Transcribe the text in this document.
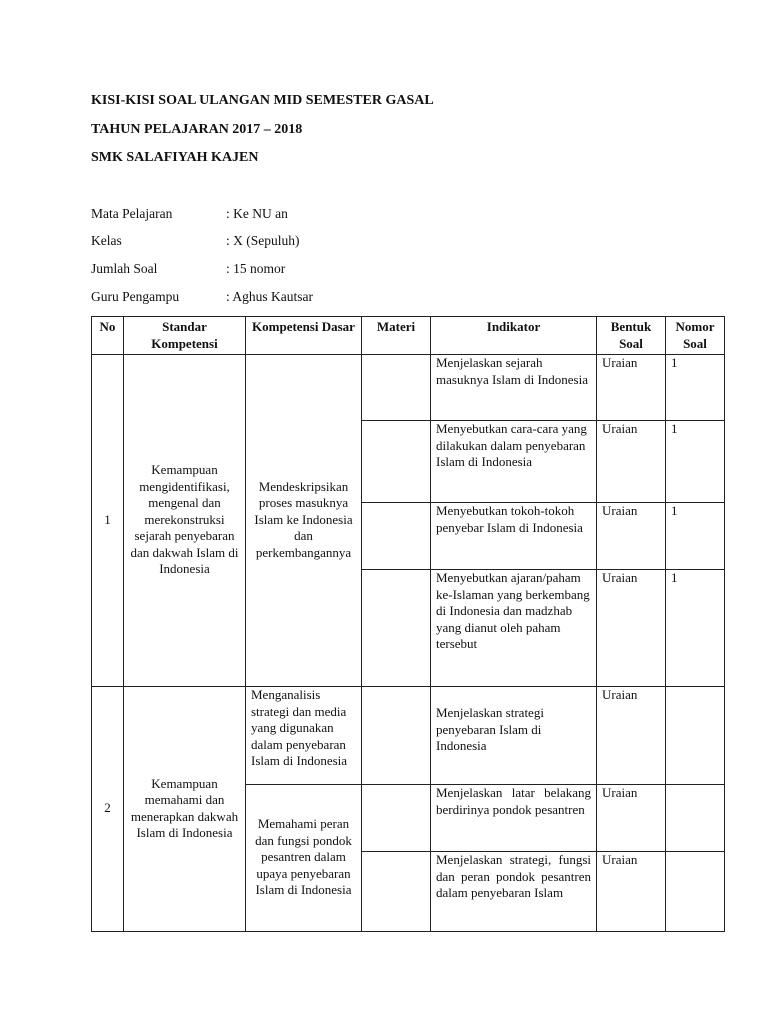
KISI-KISI SOAL ULANGAN MID SEMESTER GASAL
TAHUN PELAJARAN 2017 – 2018
SMK SALAFIYAH KAJEN
Mata Pelajaran	: Ke NU an
Kelas	: X (Sepuluh)
Jumlah Soal	: 15 nomor
Guru Pengampu	: Aghus Kautsar
No	Standar Kompetensi	Kompetensi Dasar	Materi	Indikator	Bentuk Soal	Nomor Soal
1	Kemampuan mengidentifikasi, mengenal dan merekonstruksi sejarah penyebaran dan dakwah Islam di Indonesia	Mendeskripsikan proses masuknya Islam ke Indonesia dan perkembangannya		Menjelaskan sejarah masuknya Islam di Indonesia	Uraian	1
				Menyebutkan cara-cara yang dilakukan dalam penyebaran Islam di Indonesia	Uraian	1
				Menyebutkan tokoh-tokoh penyebar Islam di Indonesia	Uraian	1
				Menyebutkan ajaran/paham ke-Islaman yang berkembang di Indonesia dan madzhab yang dianut oleh paham tersebut	Uraian	1
2	Kemampuan memahami dan menerapkan dakwah Islam di Indonesia	Menganalisis strategi dan media yang digunakan dalam penyebaran Islam di Indonesia		Menjelaskan strategi penyebaran Islam di Indonesia	Uraian	
		Memahami peran dan fungsi pondok pesantren dalam upaya penyebaran Islam di Indonesia		Menjelaskan latar belakang berdirinya pondok pesantren	Uraian	
				Menjelaskan strategi, fungsi dan peran pondok pesantren dalam penyebaran Islam	Uraian	
